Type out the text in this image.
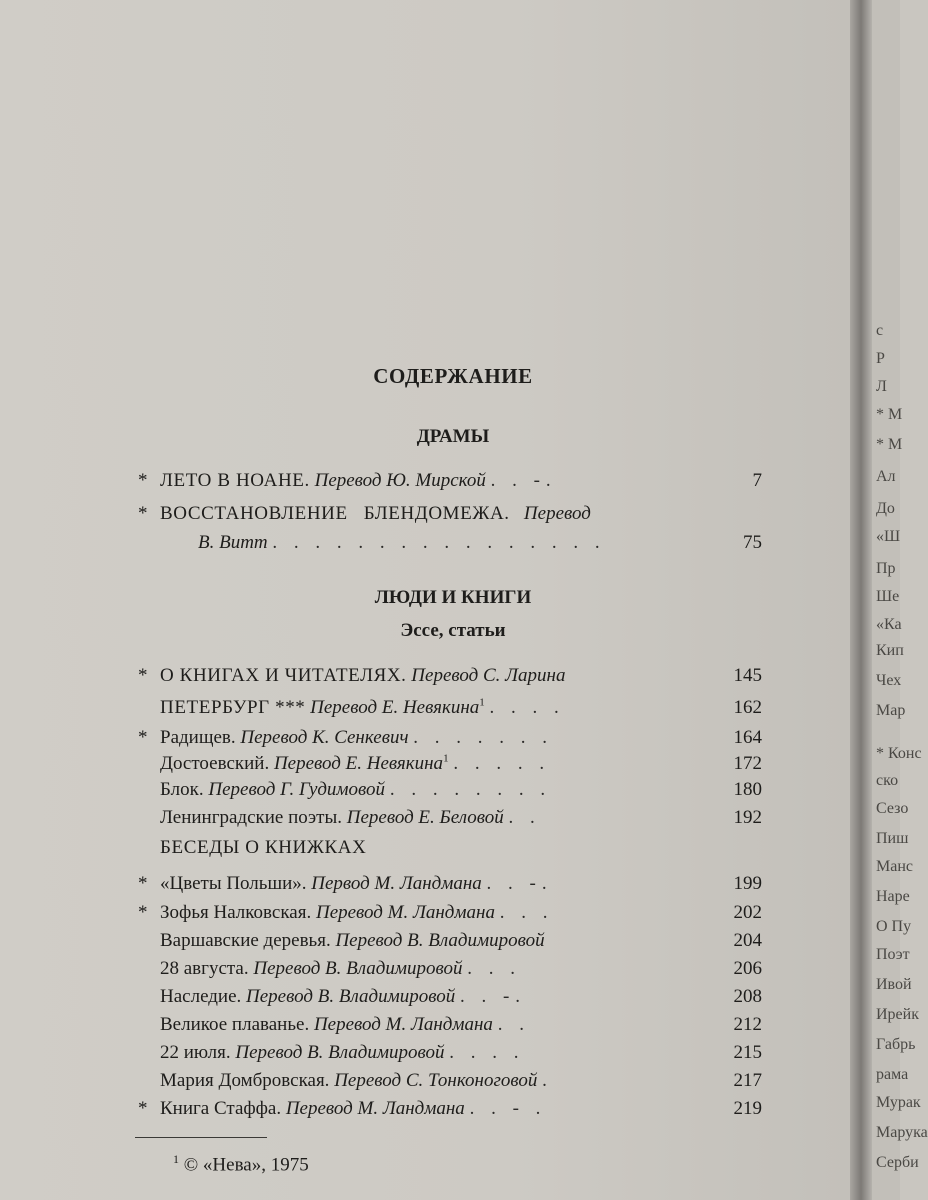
с
Р
Л
* М
* М
Ал
До
«Ш
Пр
Ше
«Ка
Кип
Чех
Мар
* Конс
ско
Сезо
Пиш
Манс
Наре
О Пу
Поэт
Ивой
Ирейк
Габрь
рама
Мурак
Марука
Серби
СОДЕРЖАНИЕ
ДРАМЫ
* ЛЕТО В НОАНЕ. Перевод Ю. Мирской . . -.	7
* ВОССТАНОВЛЕНИЕ   БЛЕНДОМЕЖА. Перевод
В. Витт . . . . . . . . . . . . . . . .	75
ЛЮДИ И КНИГИ
Эссе, статьи
* О КНИГАХ И ЧИТАТЕЛЯХ. Перевод С. Ларина	145
ПЕТЕРБУРГ *** Перевод Е. Невякина$^1$ . . . .	162
* Радищев. Перевод К. Сенкевич . . . . . . .	164
Достоевский. Перевод Е. Невякина$^1$ . . . . .	172
Блок. Перевод Г. Гудимовой . . . . . . . .	180
Ленинградские поэты. Перевод Е. Беловой . .	192
БЕСЕДЫ О КНИЖКАХ
* «Цветы Польши». Первод М. Ландмана . . -.	199
* Зофья Налковская. Перевод М. Ландмана . . .	202
Варшавские деревья. Перевод В. Владимировой	204
28 августа. Перевод В. Владимировой . . .	206
Наследие. Перевод В. Владимировой . . -.	208
Великое плаванье. Перевод М. Ландмана . .	212
22 июля. Перевод В. Владимировой . . . .	215
Мария Домбровская. Перевод С. Тонконоговой .	217
* Книга Стаффа. Перевод М. Ландмана . . - .	219
$^1$ © «Нева», 1975
